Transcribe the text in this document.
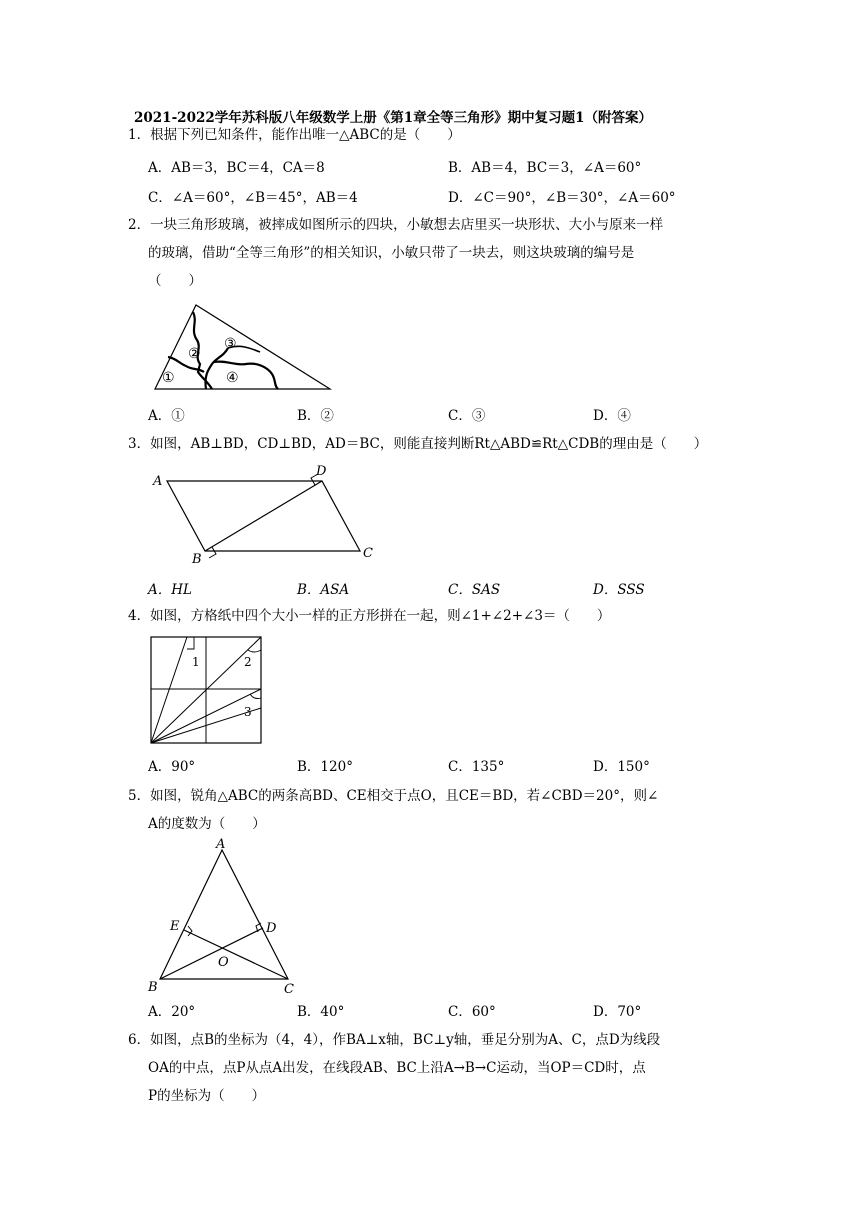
2021-2022学年苏科版八年级数学上册《第1章全等三角形》期中复习题1（附答案）
1．根据下列已知条件，能作出唯一△ABC的是（　　）
A．AB＝3，BC＝4，CA＝8	B．AB＝4，BC＝3，∠A＝60°
C．∠A＝60°，∠B＝45°，AB＝4	D．∠C＝90°，∠B＝30°，∠A＝60°
2．一块三角形玻璃，被摔成如图所示的四块，小敏想去店里买一块形状、大小与原来一样
的玻璃，借助“全等三角形”的相关知识，小敏只带了一块去，则这块玻璃的编号是
（　　）
①
②
③
④
A．①	B．②	C．③	D．④
3．如图，AB⊥BD，CD⊥BD，AD＝BC，则能直接判断Rt△ABD≌Rt△CDB的理由是（　　）
A
D
B	C
A．HL	B．ASA	C．SAS	D．SSS
4．如图，方格纸中四个大小一样的正方形拼在一起，则∠1+∠2+∠3＝（　　）
1	2
3
A．90°	B．120°	C．135°	D．150°
5．如图，锐角△ABC的两条高BD、CE相交于点O，且CE＝BD，若∠CBD＝20°，则∠
A的度数为（　　）
A
E	D
O
B	C
A．20°	B．40°	C．60°	D．70°
6．如图，点B的坐标为（4，4），作BA⊥x轴，BC⊥y轴，垂足分别为A、C，点D为线段
OA的中点，点P从点A出发，在线段AB、BC上沿A→B→C运动，当OP＝CD时，点
P的坐标为（　　）
